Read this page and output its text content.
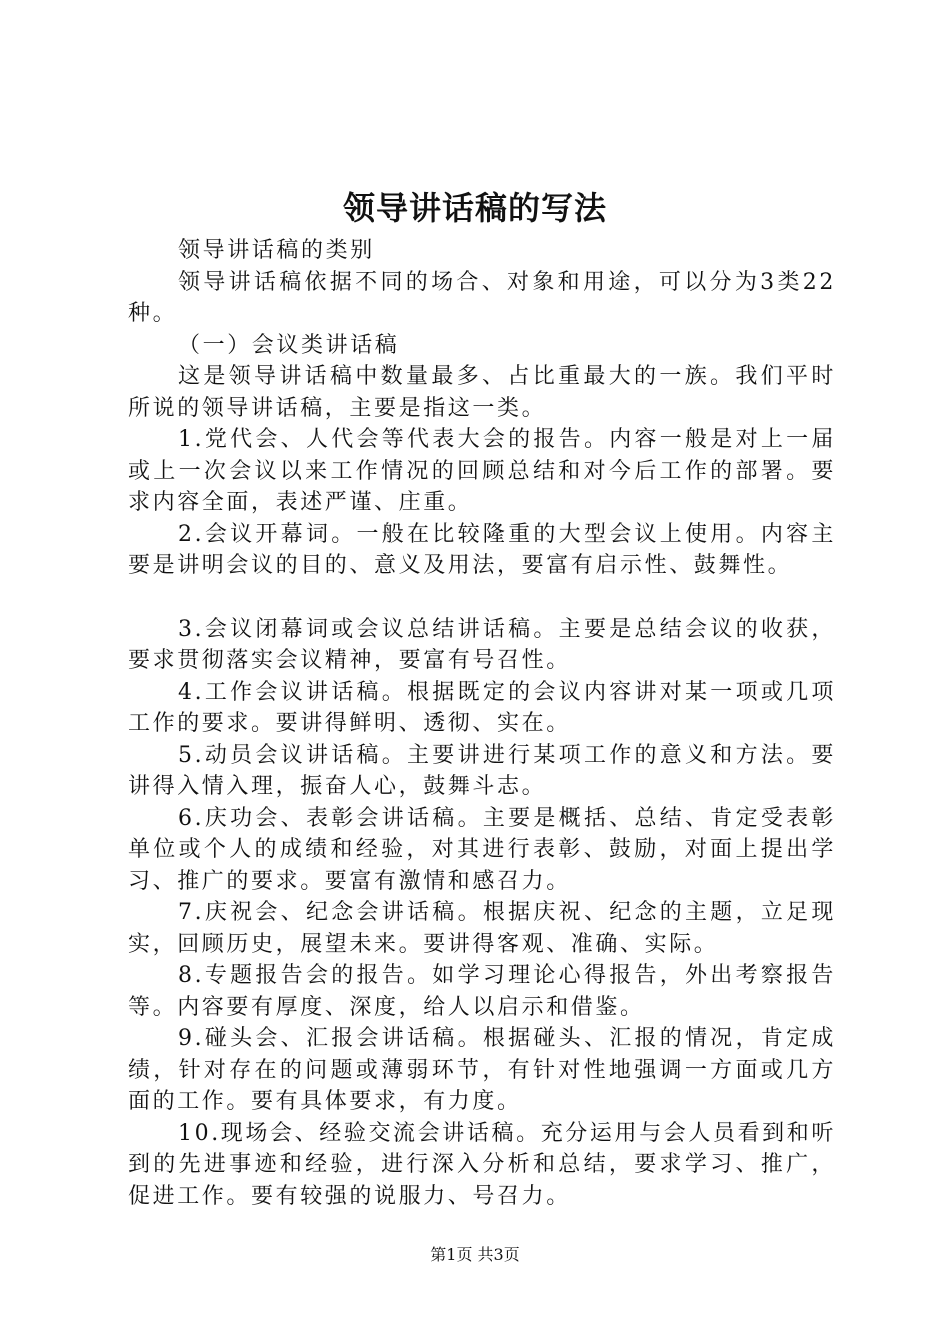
领导讲话稿的写法

领导讲话稿的类别

领导讲话稿依据不同的场合、对象和用途，可以分为3类22种。

（一）会议类讲话稿

这是领导讲话稿中数量最多、占比重最大的一族。我们平时所说的领导讲话稿，主要是指这一类。

1.党代会、人代会等代表大会的报告。内容一般是对上一届或上一次会议以来工作情况的回顾总结和对今后工作的部署。要求内容全面，表述严谨、庄重。

2.会议开幕词。一般在比较隆重的大型会议上使用。内容主要是讲明会议的目的、意义及用法，要富有启示性、鼓舞性。

3.会议闭幕词或会议总结讲话稿。主要是总结会议的收获，要求贯彻落实会议精神，要富有号召性。

4.工作会议讲话稿。根据既定的会议内容讲对某一项或几项工作的要求。要讲得鲜明、透彻、实在。

5.动员会议讲话稿。主要讲进行某项工作的意义和方法。要讲得入情入理，振奋人心，鼓舞斗志。

6.庆功会、表彰会讲话稿。主要是概括、总结、肯定受表彰单位或个人的成绩和经验，对其进行表彰、鼓励，对面上提出学习、推广的要求。要富有激情和感召力。

7.庆祝会、纪念会讲话稿。根据庆祝、纪念的主题，立足现实，回顾历史，展望未来。要讲得客观、准确、实际。

8.专题报告会的报告。如学习理论心得报告，外出考察报告等。内容要有厚度、深度，给人以启示和借鉴。

9.碰头会、汇报会讲话稿。根据碰头、汇报的情况，肯定成绩，针对存在的问题或薄弱环节，有针对性地强调一方面或几方面的工作。要有具体要求，有力度。

10.现场会、经验交流会讲话稿。充分运用与会人员看到和听到的先进事迹和经验，进行深入分析和总结，要求学习、推广，促进工作。要有较强的说服力、号召力。

第1页 共3页
